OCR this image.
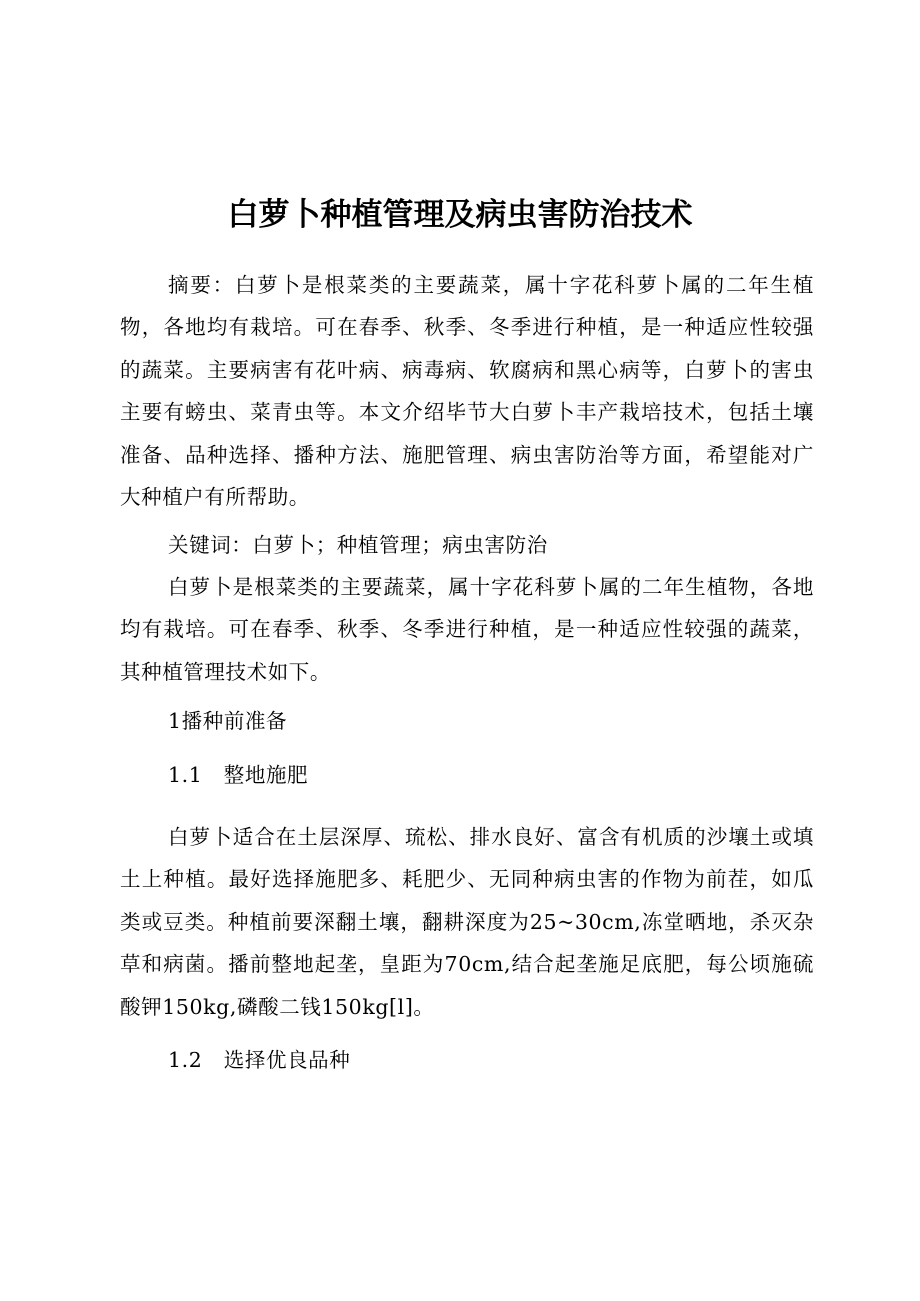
白萝卜种植管理及病虫害防治技术

摘要：白萝卜是根菜类的主要蔬菜，属十字花科萝卜属的二年生植物，各地均有栽培。可在春季、秋季、冬季进行种植，是一种适应性较强的蔬菜。主要病害有花叶病、病毒病、软腐病和黑心病等，白萝卜的害虫主要有螃虫、菜青虫等。本文介绍毕节大白萝卜丰产栽培技术，包括土壤准备、品种选择、播种方法、施肥管理、病虫害防治等方面，希望能对广大种植户有所帮助。

关键词：白萝卜；种植管理；病虫害防治

白萝卜是根菜类的主要蔬菜，属十字花科萝卜属的二年生植物，各地均有栽培。可在春季、秋季、冬季进行种植，是一种适应性较强的蔬菜，其种植管理技术如下。

1播种前准备

1.1   整地施肥

白萝卜适合在土层深厚、琉松、排水良好、富含有机质的沙壤土或填土上种植。最好选择施肥多、耗肥少、无同种病虫害的作物为前茬，如瓜类或豆类。种植前要深翻土壤，翻耕深度为25~30cm,冻堂晒地，杀灭杂草和病菌。播前整地起垄，皇距为70cm,结合起垄施足底肥，每公顷施硫酸钾150kg,磷酸二钱150kg[l]。

1.2   选择优良品种
